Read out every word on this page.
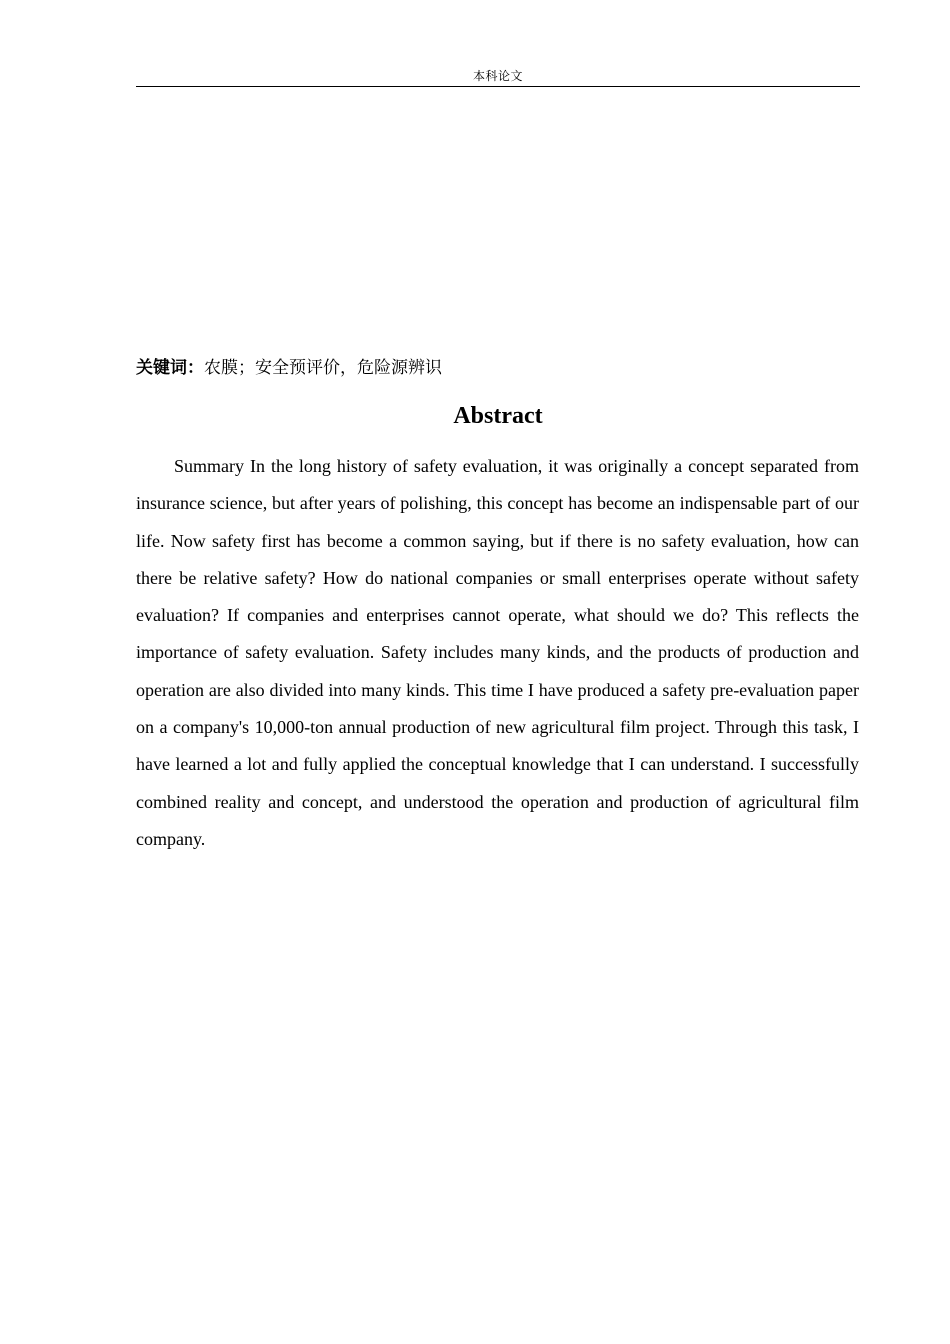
本科论文
关键词：农膜；安全预评价，危险源辨识
Abstract

Summary In the long history of safety evaluation, it was originally a concept separated from insurance science, but after years of polishing, this concept has become an indispensable part of our life. Now safety first has become a common saying, but if there is no safety evaluation, how can there be relative safety? How do national companies or small enterprises operate without safety evaluation? If companies and enterprises cannot operate, what should we do? This reflects the importance of safety evaluation. Safety includes many kinds, and the products of production and operation are also divided into many kinds. This time I have produced a safety pre-evaluation paper on a company's 10,000-ton annual production of new agricultural film project. Through this task, I have learned a lot and fully applied the conceptual knowledge that I can understand. I successfully combined reality and concept, and understood the operation and production of agricultural film company.
